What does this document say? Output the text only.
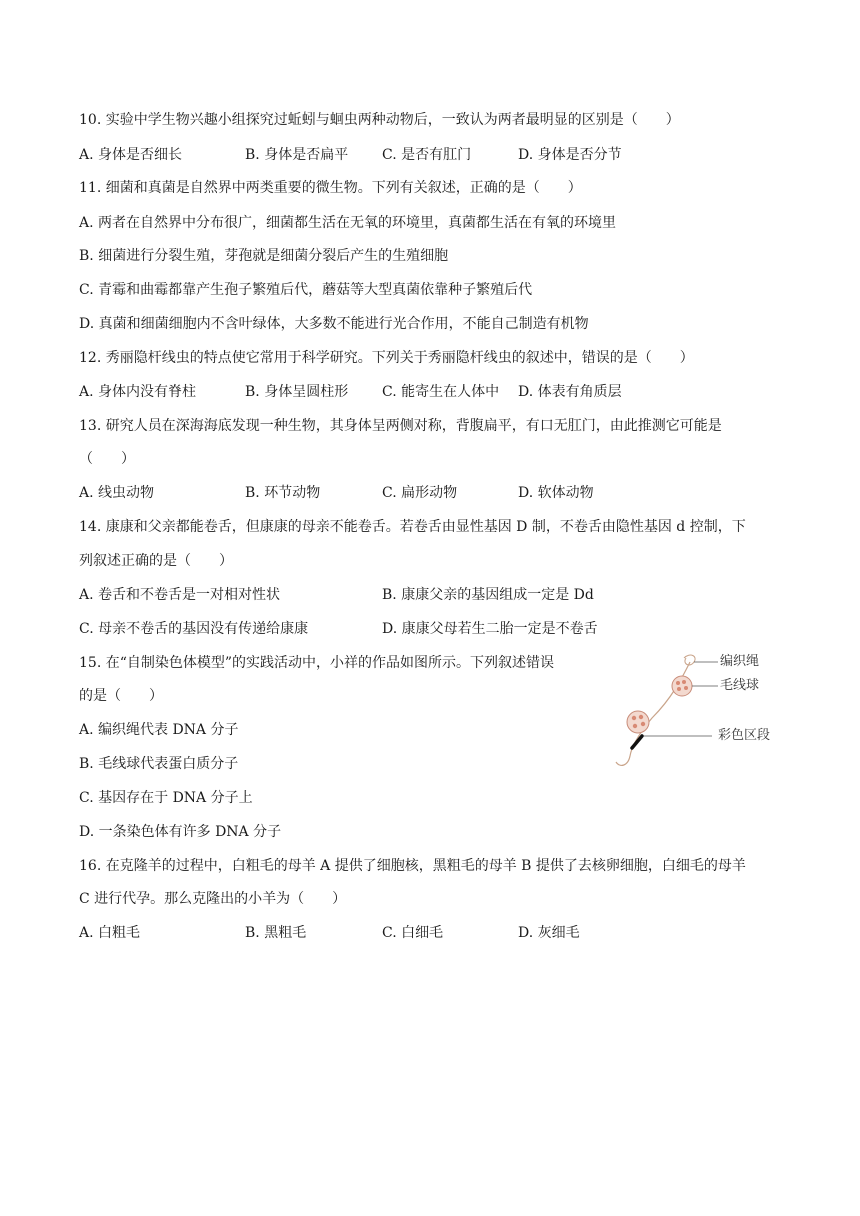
10. 实验中学生物兴趣小组探究过蚯蚓与蛔虫两种动物后，一致认为两者最明显的区别是（　　）
A. 身体是否细长	B. 身体是否扁平 C. 是否有肛门	D. 身体是否分节
11. 细菌和真菌是自然界中两类重要的微生物。下列有关叙述，正确的是（　　）
A. 两者在自然界中分布很广，细菌都生活在无氧的环境里，真菌都生活在有氧的环境里
B. 细菌进行分裂生殖，芽孢就是细菌分裂后产生的生殖细胞
C. 青霉和曲霉都靠产生孢子繁殖后代，蘑菇等大型真菌依靠种子繁殖后代
D. 真菌和细菌细胞内不含叶绿体，大多数不能进行光合作用，不能自己制造有机物
12. 秀丽隐杆线虫的特点使它常用于科学研究。下列关于秀丽隐杆线虫的叙述中，错误的是（　　）
A. 身体内没有脊柱	B. 身体呈圆柱形 C. 能寄生在人体中 D. 体表有角质层
13. 研究人员在深海海底发现一种生物，其身体呈两侧对称，背腹扁平，有口无肛门，由此推测它可能是
（　　）
A. 线虫动物	B. 环节动物	C. 扁形动物	D. 软体动物
14. 康康和父亲都能卷舌，但康康的母亲不能卷舌。若卷舌由显性基因 D 制，不卷舌由隐性基因 d 控制，下
列叙述正确的是（　　）
A. 卷舌和不卷舌是一对相对性状	B. 康康父亲的基因组成一定是 Dd
C. 母亲不卷舌的基因没有传递给康康	D. 康康父母若生二胎一定是不卷舌
15. 在“自制染色体模型”的实践活动中，小祥的作品如图所示。下列叙述错误
的是（　　）
A. 编织绳代表 DNA 分子
B. 毛线球代表蛋白质分子
C. 基因存在于 DNA 分子上
D. 一条染色体有许多 DNA 分子
编织绳
毛线球
彩色区段
16. 在克隆羊的过程中，白粗毛的母羊 A 提供了细胞核，黑粗毛的母羊 B 提供了去核卵细胞，白细毛的母羊
C 进行代孕。那么克隆出的小羊为（　　）
A. 白粗毛	B. 黑粗毛	C. 白细毛	D. 灰细毛
